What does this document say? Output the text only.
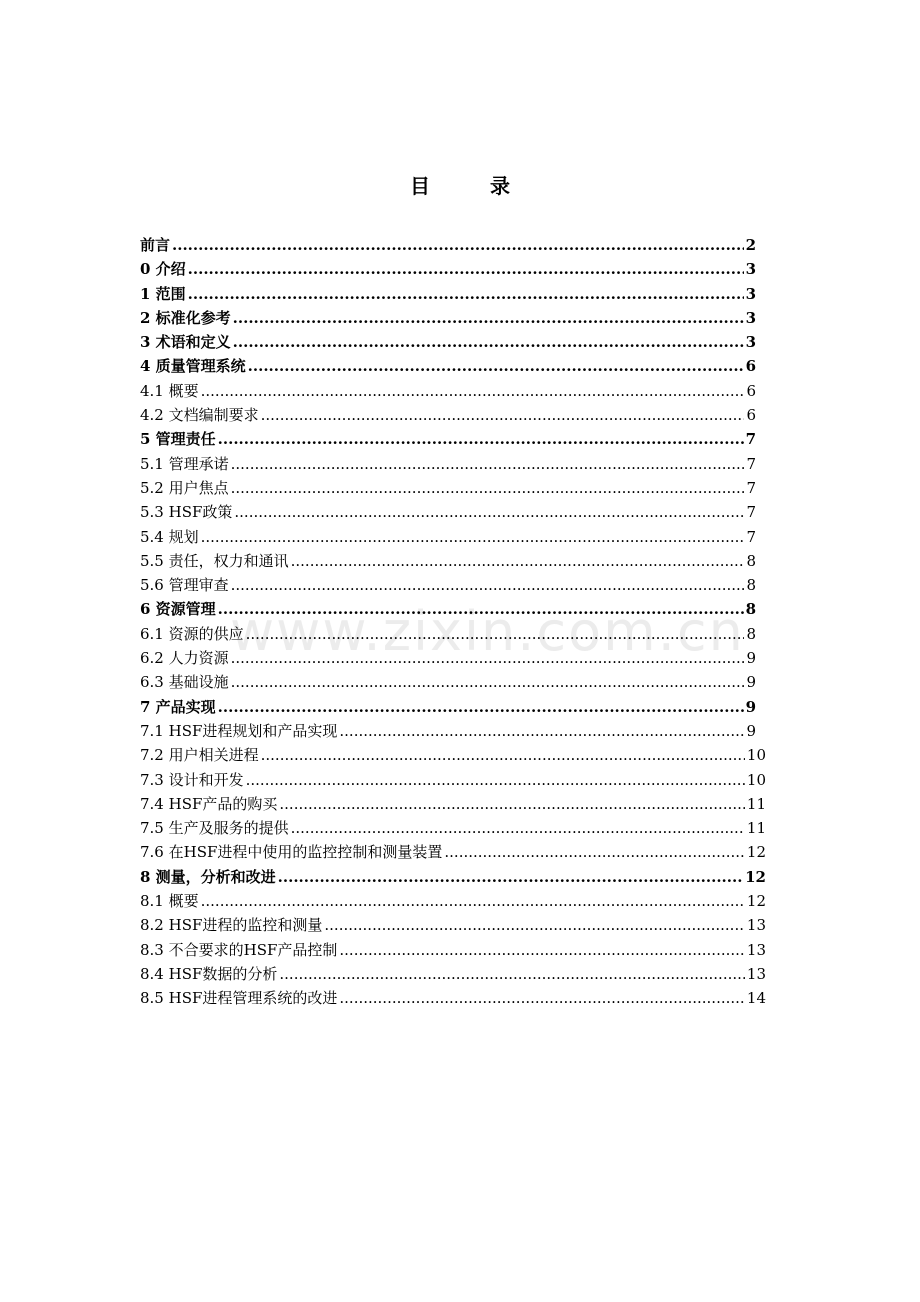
目　录
www.zixin.com.cn
前言 .....	2
0 介绍 .....	3
1 范围 .....	3
2 标准化参考 .....	3
3 术语和定义 .....	3
4 质量管理系统 .....	6
4.1 概要 .....	6
4.2 文档编制要求 .....	6
5 管理责任 .....	7
5.1 管理承诺 .....	7
5.2 用户焦点 .....	7
5.3 HSF政策 .....	7
5.4 规划 .....	7
5.5 责任，权力和通讯 .....	8
5.6 管理审查 .....	8
6 资源管理 .....	8
6.1 资源的供应 .....	8
6.2 人力资源 .....	9
6.3 基础设施 .....	9
7 产品实现 .....	9
7.1 HSF进程规划和产品实现 .....	9
7.2 用户相关进程 .....	10
7.3 设计和开发 .....	10
7.4 HSF产品的购买 .....	11
7.5 生产及服务的提供 .....	11
7.6 在HSF进程中使用的监控控制和测量装置 .....	12
8 测量，分析和改进 .....	12
8.1 概要 .....	12
8.2 HSF进程的监控和测量 .....	13
8.3 不合要求的HSF产品控制 .....	13
8.4 HSF数据的分析 .....	13
8.5 HSF进程管理系统的改进 .....	14
